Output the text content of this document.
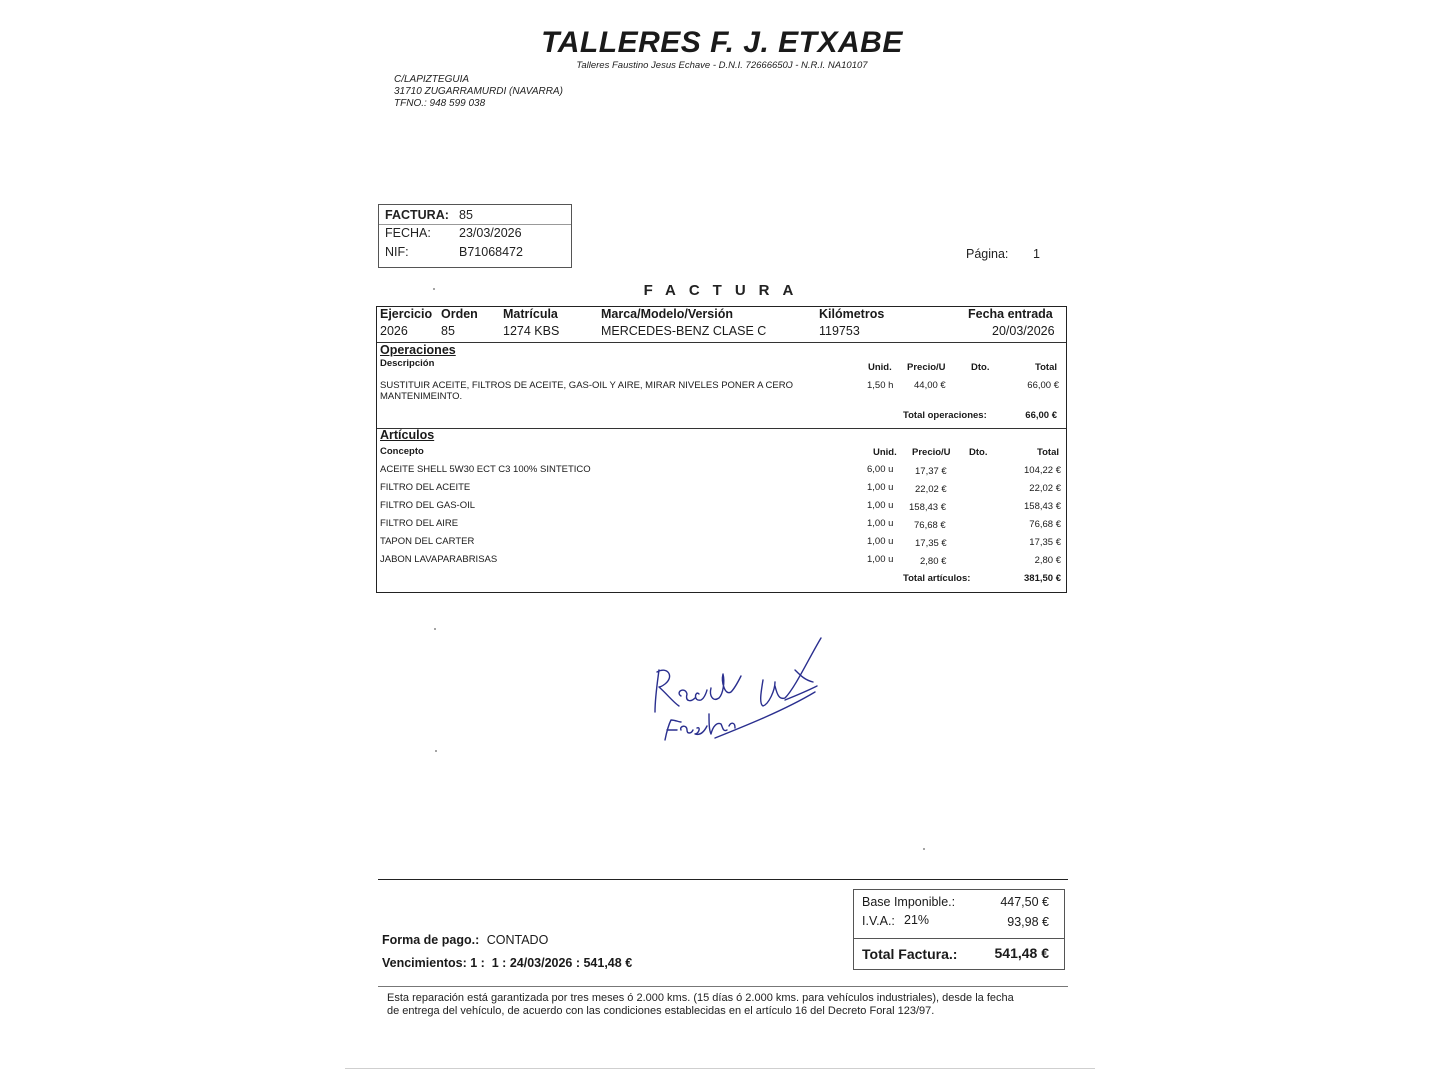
TALLERES F. J. ETXABE
Talleres Faustino Jesus Echave - D.N.I. 72666650J - N.R.I. NA10107
C/LAPIZTEGUIA
31710 ZUGARRAMURDI (NAVARRA)
TFNO.: 948 599 038
FACTURA: 85
FECHA: 23/03/2026
NIF:	B71068472	Página: 1
FACTURA
Ejercicio Orden Matrícula	Marca/Modelo/Versión	Kilómetros	Fecha entrada
2026	85	1274 KBS	MERCEDES-BENZ CLASE C	119753	20/03/2026
Operaciones
Descripción	Unid. Precio/U	Dto.	Total
SUSTITUIR ACEITE, FILTROS DE ACEITE, GAS-OIL Y AIRE, MIRAR NIVELES PONER A CERO
MANTENIMEINTO.
1,50 h 44,00 €	66,00 €
Total operaciones:	66,00 €
Artículos
Concepto	Unid. Precio/U Dto.	Total
ACEITE SHELL 5W30 ECT C3 100% SINTETICO	6,00 u 17,37 €	104,22 €
FILTRO DEL ACEITE	1,00 u 22,02 €	22,02 €
FILTRO DEL GAS-OIL	1,00 u 158,43 €	158,43 €
FILTRO DEL AIRE	1,00 u 76,68 €	76,68 €
TAPON DEL CARTER	1,00 u 17,35 €	17,35 €
JABON LAVAPARABRISAS	1,00 u	2,80 €	2,80 €
Total artículos:	381,50 €
Base Imponible.:	447,50 €
I.V.A.: 21%	93,98 €
Total Factura.:	541,48 €
Forma de pago.: CONTADO
Vencimientos: 1 :  1 : 24/03/2026 : 541,48 €
Esta reparación está garantizada por tres meses ó 2.000 kms. (15 días ó 2.000 kms. para vehículos industriales), desde la fecha
de entrega del vehículo, de acuerdo con las condiciones establecidas en el artículo 16 del Decreto Foral 123/97.
